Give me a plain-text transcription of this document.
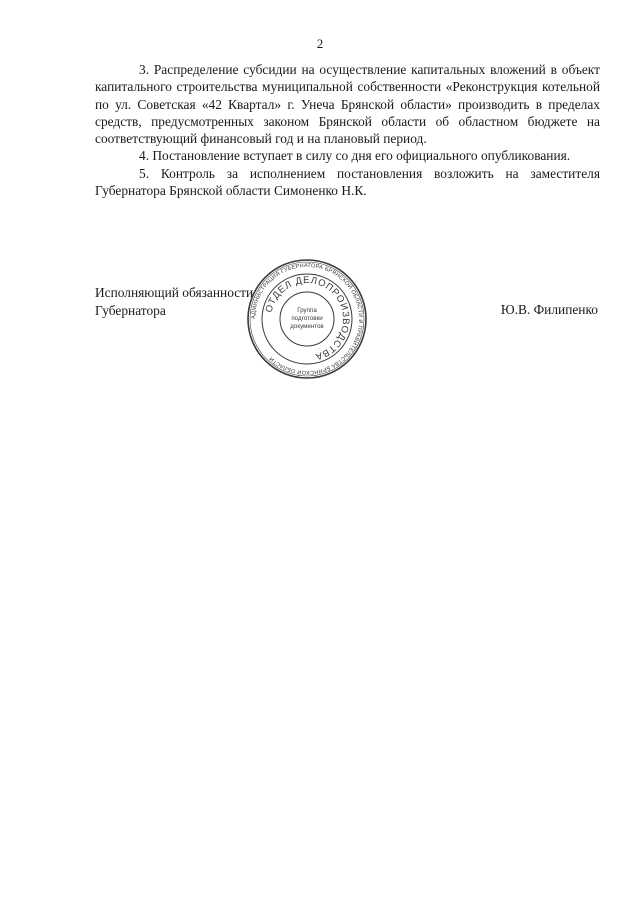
2

3. Распределение субсидии на осуществление капитальных вложений в объект капитального строительства муниципальной собственности «Реконструкция котельной по ул. Советская «42 Квартал» г. Унеча Брянской области» производить в пределах средств, предусмотренных законом Брянской области об областном бюджете на соответствующий финансовый год и на плановый период.

4. Постановление вступает в силу со дня его официального опубликования.

5. Контроль за исполнением постановления возложить на заместителя Губернатора Брянской области Симоненко Н.К.

Исполняющий обязанности
Губернатора	Ю.В. Филипенко
АДМИНИСТРАЦИЯ ГУБЕРНАТОРА БРЯНСКОЙ ОБЛАСТИ И ПРАВИТЕЛЬСТВА БРЯНСКОЙ ОБЛАСТИ
ОТДЕЛ ДЕЛОПРОИЗВОДСТВА
Группа
подготовки
документов
